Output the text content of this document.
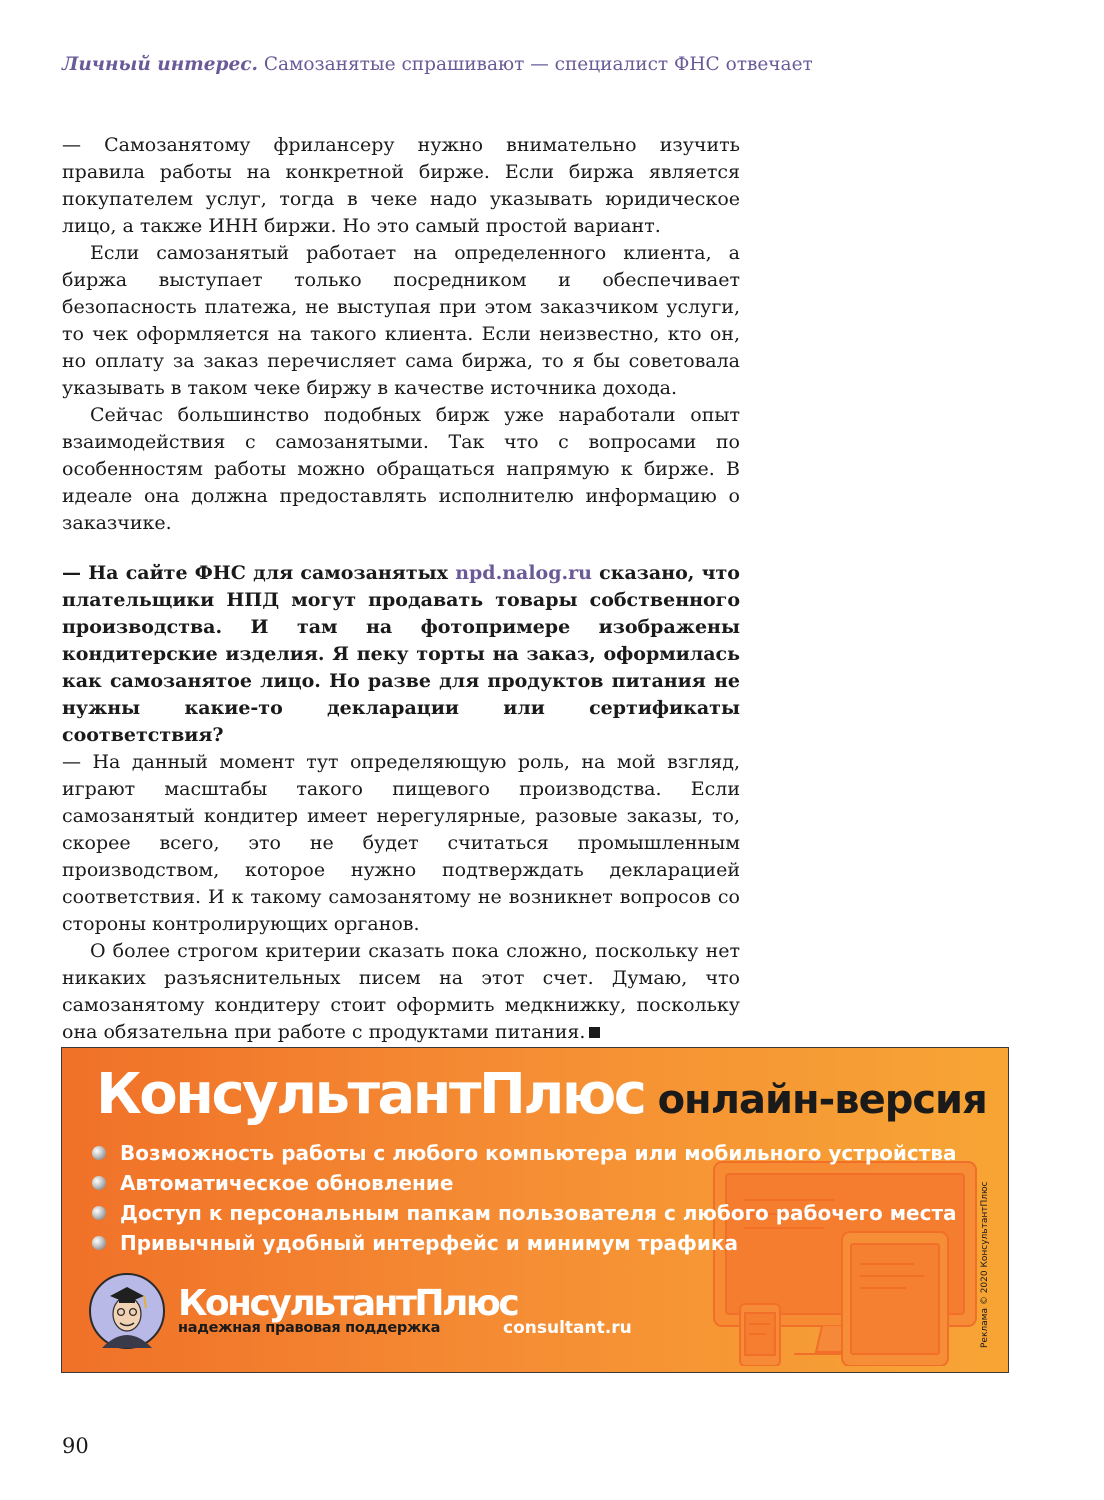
Личный интерес. Самозанятые спрашивают — специалист ФНС отвечает

— Самозанятому фрилансеру нужно внимательно изучить правила работы на конкретной бирже. Если биржа является покупателем услуг, тогда в чеке надо указывать юридическое лицо, а также ИНН биржи. Но это самый простой вариант.

Если самозанятый работает на определенного клиента, а биржа выступает только посредником и обеспечивает безопасность платежа, не выступая при этом заказчиком услуги, то чек оформляется на такого клиента. Если неизвестно, кто он, но оплату за заказ перечисляет сама биржа, то я бы советовала указывать в таком чеке биржу в качестве источника дохода.

Сейчас большинство подобных бирж уже наработали опыт взаимодействия с самозанятыми. Так что с вопросами по особенностям работы можно обращаться напрямую к бирже. В идеале она должна предоставлять исполнителю информацию о заказчике.

— На сайте ФНС для самозанятых npd.nalog.ru сказано, что плательщики НПД могут продавать товары собственного производства. И там на фотопримере изображены кондитерские изделия. Я пеку торты на заказ, оформилась как самозанятое лицо. Но разве для продуктов питания не нужны какие-то декларации или сертификаты соответствия?

— На данный момент тут определяющую роль, на мой взгляд, играют масштабы такого пищевого производства. Если самозанятый кондитер имеет нерегулярные, разовые заказы, то, скорее всего, это не будет считаться промышленным производством, которое нужно подтверждать декларацией соответствия. И к такому самозанятому не возникнет вопросов со стороны контролирующих органов.

О более строгом критерии сказать пока сложно, поскольку нет никаких разъяснительных писем на этот счет. Думаю, что самозанятому кондитеру стоит оформить медкнижку, поскольку она обязательна при работе с продуктами питания.

КонсультантПлюс онлайн-версия
Возможность работы с любого компьютера или мобильного устройства
Автоматическое обновление
Доступ к персональным папкам пользователя с любого рабочего места
Привычный удобный интерфейс и минимум трафика
КонсультантПлюс
надежная правовая поддержка	consultant.ru	Реклама © 2020 КонсультантПлюс
90
